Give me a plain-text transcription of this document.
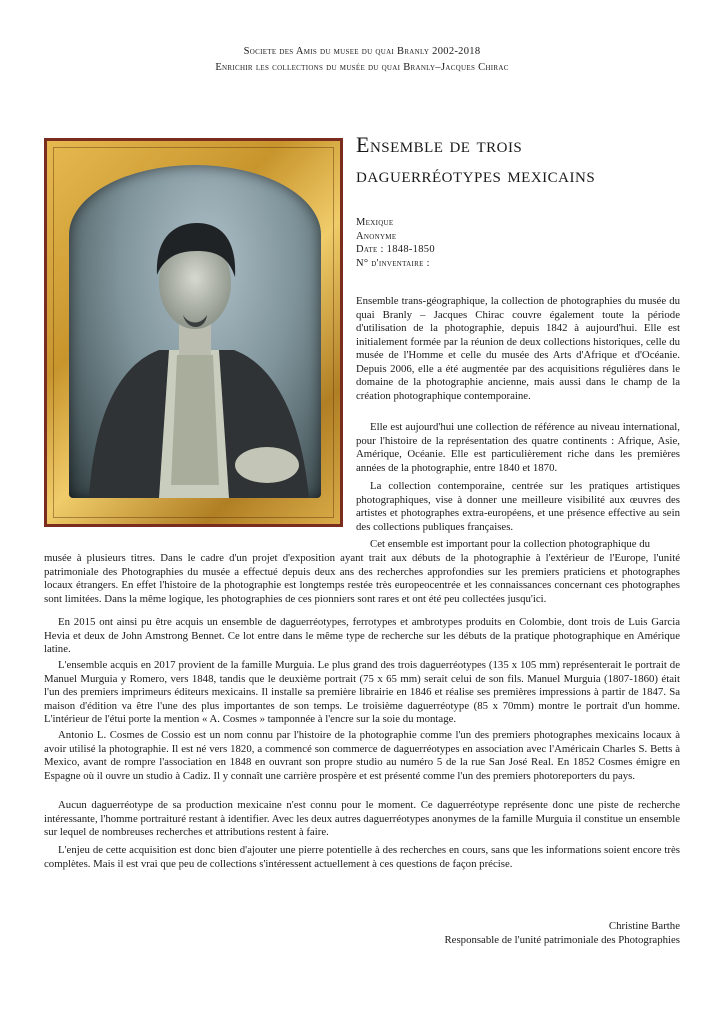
Societe des Amis du musee du quai Branly 2002-2018
Enrichir les collections du musée du quai Branly–Jacques Chirac
Ensemble de trois
daguerréotypes mexicains
Mexique
Anonyme
Date : 1848-1850
N° d'inventaire :

Ensemble trans-géographique, la collection de photographies du musée du quai Branly – Jacques Chirac couvre également toute la période d'utilisation de la photographie, depuis 1842 à aujourd'hui. Elle est initialement formée par la réunion de deux collections historiques, celle du musée de l'Homme et celle du musée des Arts d'Afrique et d'Océanie. Depuis 2006, elle a été augmentée par des acquisitions régulières dans le domaine de la photographie ancienne, mais aussi dans le champ de la création photographique contemporaine.

Elle est aujourd'hui une collection de référence au niveau international, pour l'histoire de la représentation des quatre continents : Afrique, Asie, Amérique, Océanie. Elle est particulièrement riche dans les premières années de la photographie, entre 1840 et 1870.

La collection contemporaine, centrée sur les pratiques artistiques photographiques, vise à donner une meilleure visibilité aux œuvres des artistes et photographes extra-européens, et une présence effective au sein des collections publiques françaises.

Cet ensemble est important pour la collection photographique du

musée à plusieurs titres. Dans le cadre d'un projet d'exposition ayant trait aux débuts de la photographie à l'extérieur de l'Europe, l'unité patrimoniale des Photographies du musée a effectué depuis deux ans des recherches approfondies sur les premiers praticiens et photographes locaux étrangers. En effet l'histoire de la photographie est longtemps restée très europeocentrée et les connaissances concernant ces photographes sont limitées. Dans la même logique, les photographies de ces pionniers sont rares et ont été peu collectées jusqu'ici.

En 2015 ont ainsi pu être acquis un ensemble de daguerréotypes, ferrotypes et ambrotypes produits en Colombie, dont trois de Luis Garcia Hevia et deux de John Amstrong Bennet. Ce lot entre dans le même type de recherche sur les débuts de la pratique photographique en Amérique latine.

L'ensemble acquis en 2017 provient de la famille Murguia. Le plus grand des trois daguerréotypes (135 x 105 mm) représenterait le portrait de Manuel Murguia y Romero, vers 1848, tandis que le deuxième portrait (75 x 65 mm) serait celui de son fils. Manuel Murguia (1807-1860) était l'un des premiers imprimeurs éditeurs mexicains. Il installe sa première librairie en 1846 et réalise ses premières impressions à partir de 1847. Sa maison d'édition va être l'une des plus importantes de son temps. Le troisième daguerréotype (85 x 70mm) montre le portrait d'un homme. L'intérieur de l'étui porte la mention « A. Cosmes » tamponnée à l'encre sur la soie du montage.

Antonio L. Cosmes de Cossio est un nom connu par l'histoire de la photographie comme l'un des premiers photographes mexicains locaux à avoir utilisé la photographie. Il est né vers 1820, a commencé son commerce de daguerréotypes en association avec l'Américain Charles S. Betts à Mexico, avant de rompre l'association en 1848 en ouvrant son propre studio au numéro 5 de la rue San José Real. En 1852 Cosmes émigre en Espagne où il ouvre un studio à Cadiz. Il y connaît une carrière prospère et est présenté comme l'un des premiers photoreporters du pays.

Aucun daguerréotype de sa production mexicaine n'est connu pour le moment. Ce daguerréotype représente donc une piste de recherche intéressante, l'homme portraituré restant à identifier. Avec les deux autres daguerréotypes anonymes de la famille Murguia il constitue un ensemble sur lequel de nombreuses recherches et attributions restent à faire.

L'enjeu de cette acquisition est donc bien d'ajouter une pierre potentielle à des recherches en cours, sans que les informations soient encore très complètes. Mais il est vrai que peu de collections s'intéressent actuellement à ces questions de façon précise.

Christine Barthe
Responsable de l'unité patrimoniale des Photographies
